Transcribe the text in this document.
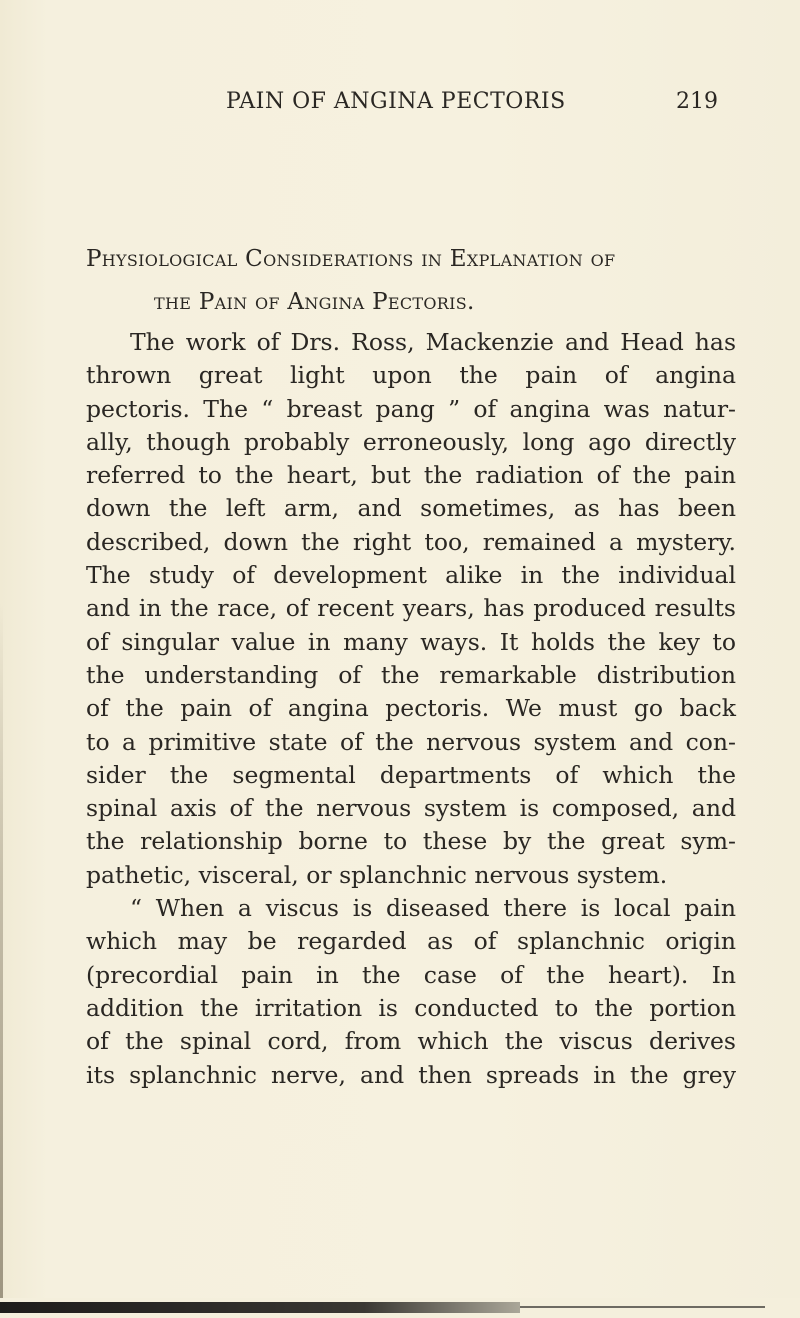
PAIN OF ANGINA PECTORIS	219
Physiological Considerations in Explanation of
the Pain of Angina Pectoris.
The work of Drs. Ross, Mackenzie and Head has
thrown great light upon the pain of angina
pectoris. The “ breast pang ” of angina was natur-
ally, though probably erroneously, long ago directly
referred to the heart, but the radiation of the pain
down the left arm, and sometimes, as has been
described, down the right too, remained a mystery.
The study of development alike in the individual
and in the race, of recent years, has produced results
of singular value in many ways. It holds the key to
the understanding of the remarkable distribution
of the pain of angina pectoris. We must go back
to a primitive state of the nervous system and con-
sider the segmental departments of which the
spinal axis of the nervous system is composed, and
the relationship borne to these by the great sym-
pathetic, visceral, or splanchnic nervous system.
“ When a viscus is diseased there is local pain
which may be regarded as of splanchnic origin
(precordial pain in the case of the heart). In
addition the irritation is conducted to the portion
of the spinal cord, from which the viscus derives
its splanchnic nerve, and then spreads in the grey
